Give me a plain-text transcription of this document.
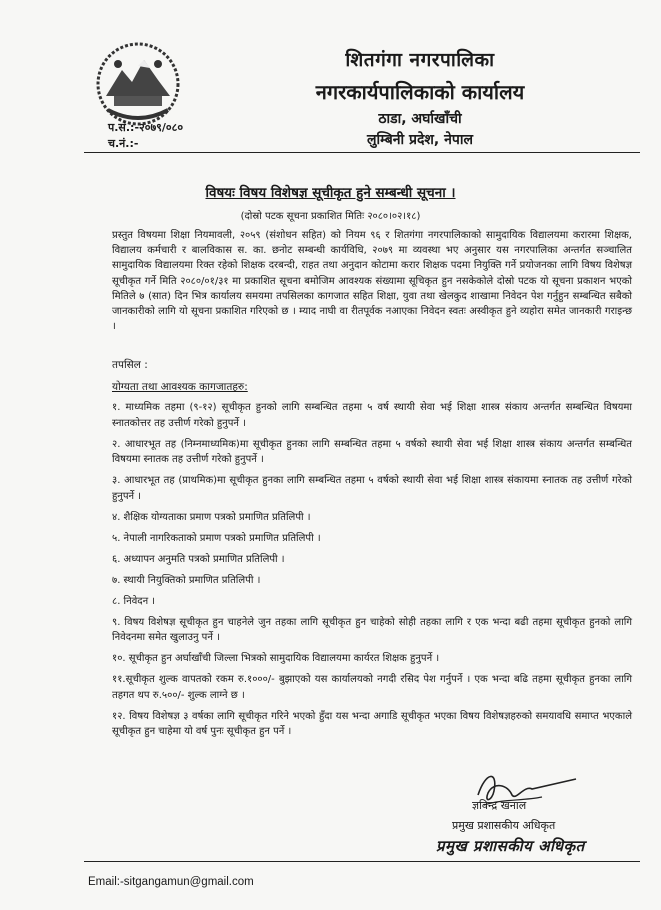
शितगंगा नगरपालिका
नगरकार्यपालिकाको कार्यालय
ठाडा, अर्घाखाँची
लुम्बिनी प्रदेश, नेपाल
प.सं.:-२०७९/०८०
च.नं.:-
विषयः विषय विशेषज्ञ सूचीकृत हुने सम्बन्धी सूचना ।
(दोस्रो पटक सूचना प्रकाशित मितिः २०८०।०२।१८)

प्रस्तुत विषयमा शिक्षा नियमावली, २०५९ (संशोधन सहित) को नियम ९६ र शितगंगा नगरपालिकाको सामुदायिक विद्यालयमा करारमा शिक्षक, विद्यालय कर्मचारी र बालविकास स. का. छनोट सम्बन्धी कार्यविधि, २०७९ मा व्यवस्था भए अनुसार यस नगरपालिका अन्तर्गत सञ्चालित सामुदायिक विद्यालयमा रिक्त रहेको शिक्षक दरबन्दी, राहत तथा अनुदान कोटामा करार शिक्षक पदमा नियुक्ति गर्ने प्रयोजनका लागि विषय विशेषज्ञ सूचीकृत गर्ने मिति २०८०/०१/३१ मा प्रकाशित सूचना बमोजिम आवश्यक संख्यामा सूचिकृत हुन नसकेकोले दोस्रो पटक यो सूचना प्रकाशन भएको मितिले ७ (सात) दिन भित्र कार्यालय समयमा तपसिलका कागजात सहित शिक्षा, युवा तथा खेलकुद शाखामा निवेदन पेश गर्नुहुन सम्बन्धित सबैको जानकारीको लागि यो सूचना प्रकाशित गरिएको छ । म्याद नाघी वा रीतपूर्वक नआएका निवेदन स्वतः अस्वीकृत हुने व्यहोरा समेत जानकारी गराइन्छ ।

तपसिल :
योग्यता तथा आवश्यक कागजातहरु:

१. माध्यमिक तहमा (९-१२) सूचीकृत हुनको लागि सम्बन्धित तहमा ५ वर्ष स्थायी सेवा भई शिक्षा शास्त्र संकाय अन्तर्गत सम्बन्धित विषयमा स्नातकोत्तर तह उत्तीर्ण गरेको हुनुपर्ने ।

२. आधारभूत तह (निम्नमाध्यमिक)मा सूचीकृत हुनका लागि सम्बन्धित तहमा ५ वर्षको स्थायी सेवा भई शिक्षा शास्त्र संकाय अन्तर्गत सम्बन्धित विषयमा स्नातक तह उत्तीर्ण गरेको हुनुपर्ने ।

३. आधारभूत तह (प्राथमिक)मा सूचीकृत हुनका लागि सम्बन्धित तहमा ५ वर्षको स्थायी सेवा भई शिक्षा शास्त्र संकायमा स्नातक तह उत्तीर्ण गरेको हुनुपर्ने ।

४. शैक्षिक योग्यताका प्रमाण पत्रको प्रमाणित प्रतिलिपी ।

५. नेपाली नागरिकताको प्रमाण पत्रको प्रमाणित प्रतिलिपी ।

६. अध्यापन अनुमति पत्रको प्रमाणित प्रतिलिपी ।

७. स्थायी नियुक्तिको प्रमाणित प्रतिलिपी ।

८. निवेदन ।

९. विषय विशेषज्ञ सूचीकृत हुन चाहनेले जुन तहका लागि सूचीकृत हुन चाहेको सोही तहका लागि र एक भन्दा बढी तहमा सूचीकृत हुनको लागि निवेदनमा समेत खुलाउनु पर्ने ।

१०. सूचीकृत हुन अर्घाखाँची जिल्ला भित्रको सामुदायिक विद्यालयमा कार्यरत शिक्षक हुनुपर्ने ।

११.सूचीकृत शुल्क वापतको रकम रु.१०००/- बुझाएको यस कार्यालयको नगदी रसिद पेश गर्नुपर्ने । एक भन्दा बढि तहमा सूचीकृत हुनका लागि तहगत थप रु.५००/- शुल्क लाग्ने छ ।

१२. विषय विशेषज्ञ ३ वर्षका लागि सूचीकृत गरिने भएको हुँदा यस भन्दा अगाडि सूचीकृत भएका विषय विशेषज्ञहरुको समयावधि समाप्त भएकाले सूचीकृत हुन चाहेमा यो वर्ष पुनः सूचीकृत हुन पर्ने ।

ज्ञविन्द्र खनाल
प्रमुख प्रशासकीय अधिकृत
प्रमुख प्रशासकीय अधिकृत
Email:-sitgangamun@gmail.com
